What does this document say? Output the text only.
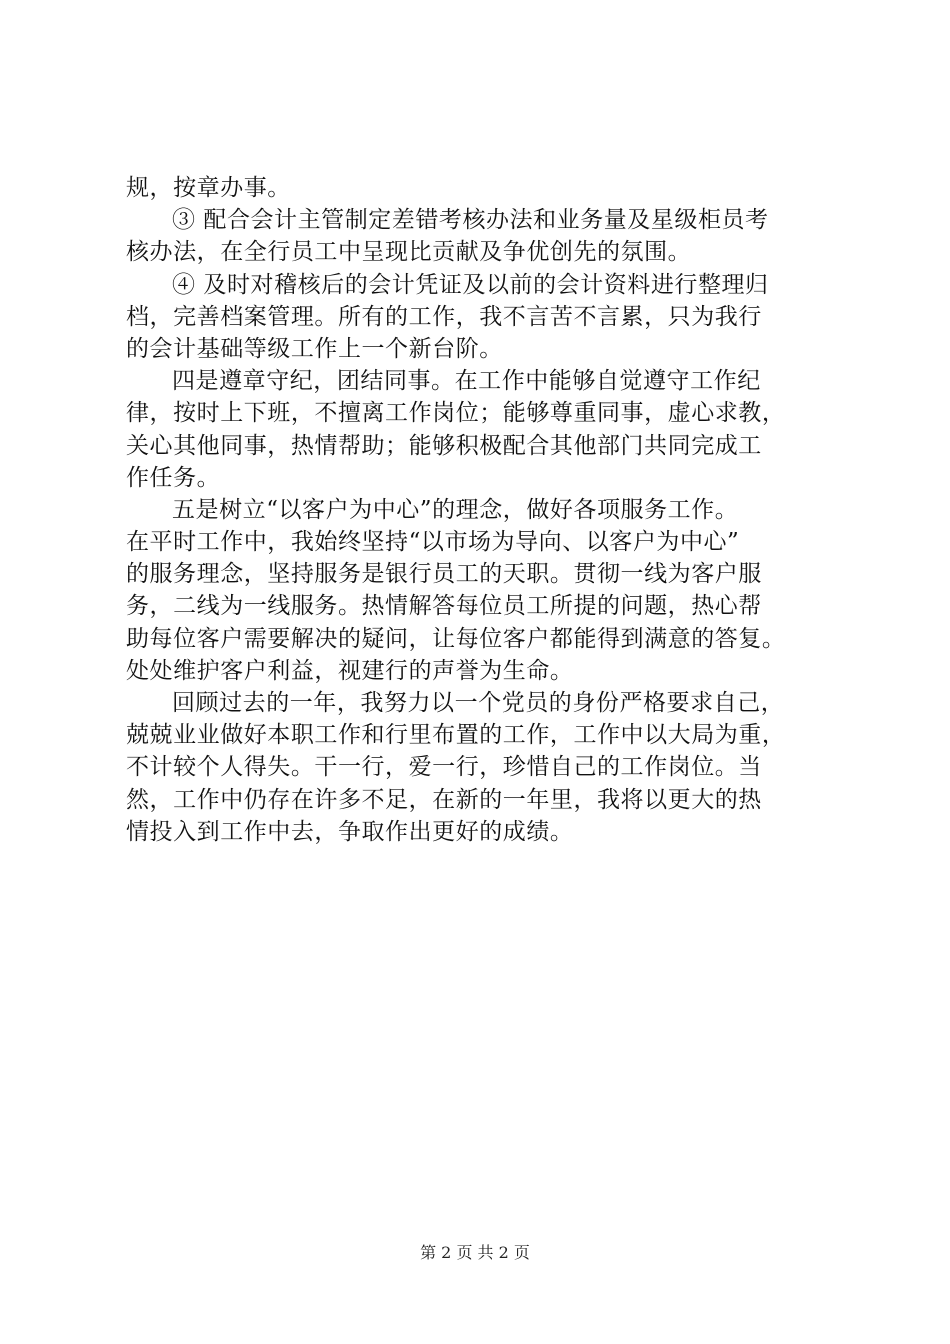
规，按章办事。
③ 配合会计主管制定差错考核办法和业务量及星级柜员考
核办法，在全行员工中呈现比贡献及争优创先的氛围。
④ 及时对稽核后的会计凭证及以前的会计资料进行整理归
档，完善档案管理。所有的工作，我不言苦不言累，只为我行
的会计基础等级工作上一个新台阶。
四是遵章守纪，团结同事。在工作中能够自觉遵守工作纪
律，按时上下班，不擅离工作岗位；能够尊重同事，虚心求教，
关心其他同事，热情帮助；能够积极配合其他部门共同完成工
作任务。
五是树立“以客户为中心”的理念，做好各项服务工作。
在平时工作中，我始终坚持“以市场为导向、以客户为中心”
的服务理念，坚持服务是银行员工的天职。贯彻一线为客户服
务，二线为一线服务。热情解答每位员工所提的问题，热心帮
助每位客户需要解决的疑问，让每位客户都能得到满意的答复。
处处维护客户利益，视建行的声誉为生命。
回顾过去的一年，我努力以一个党员的身份严格要求自己，
兢兢业业做好本职工作和行里布置的工作，工作中以大局为重，
不计较个人得失。干一行，爱一行，珍惜自己的工作岗位。当
然，工作中仍存在许多不足，在新的一年里，我将以更大的热
情投入到工作中去，争取作出更好的成绩。
第 2 页 共 2 页
